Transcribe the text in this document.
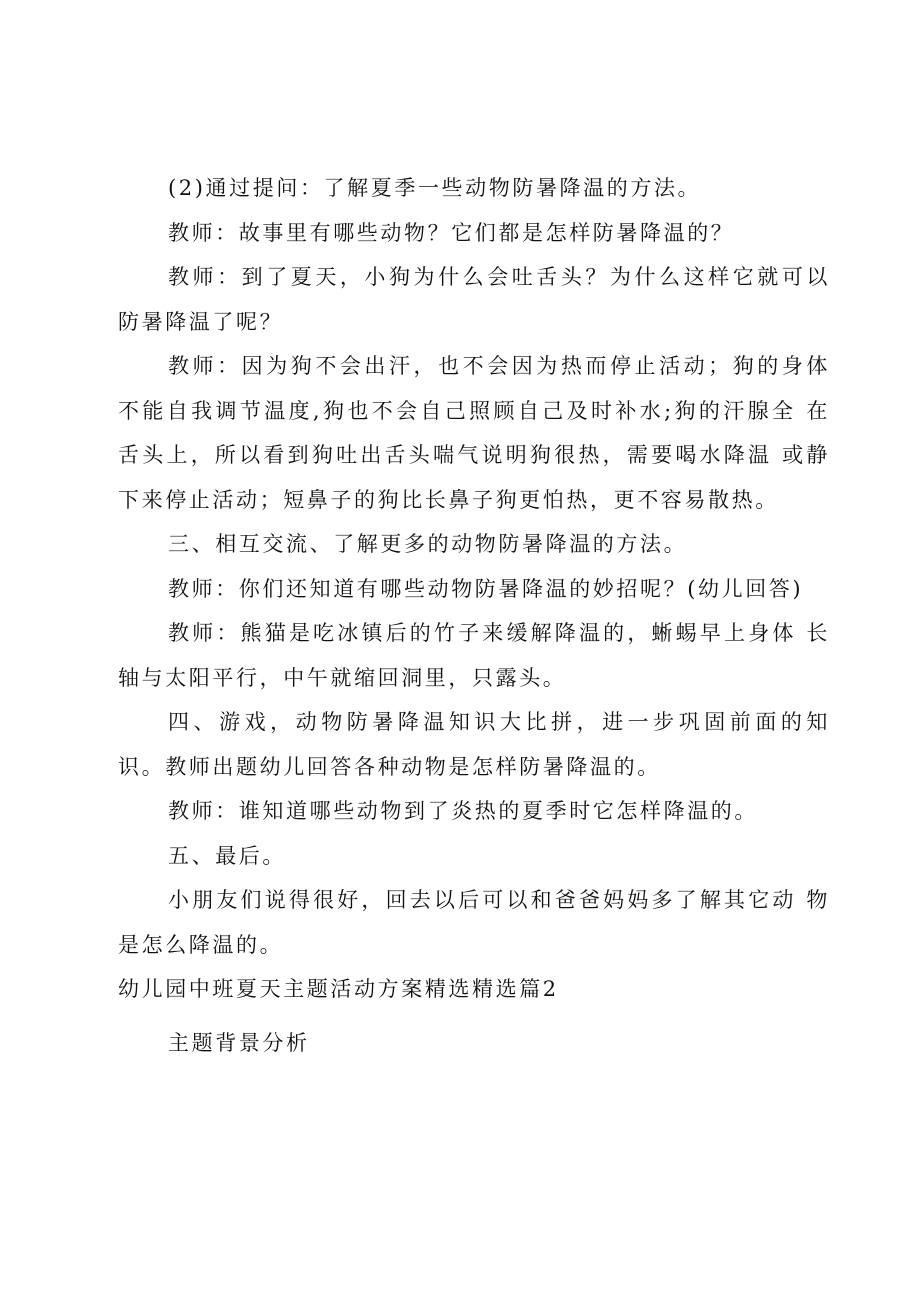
(2)通过提问：了解夏季一些动物防暑降温的方法。

教师：故事里有哪些动物？它们都是怎样防暑降温的？

教师：到了夏天，小狗为什么会吐舌头？为什么这样它就可以 防暑降温了呢？

教师：因为狗不会出汗，也不会因为热而停止活动；狗的身体 不能自我调节温度,狗也不会自己照顾自己及时补水;狗的汗腺全 在舌头上，所以看到狗吐出舌头喘气说明狗很热，需要喝水降温 或静下来停止活动；短鼻子的狗比长鼻子狗更怕热，更不容易散热。

三、相互交流、了解更多的动物防暑降温的方法。

教师：你们还知道有哪些动物防暑降温的妙招呢？(幼儿回答)

教师：熊猫是吃冰镇后的竹子来缓解降温的，蜥蜴早上身体 长轴与太阳平行，中午就缩回洞里，只露头。

四、游戏，动物防暑降温知识大比拼，进一步巩固前面的知 识。教师出题幼儿回答各种动物是怎样防暑降温的。

教师：谁知道哪些动物到了炎热的夏季时它怎样降温的。

五、最后。

小朋友们说得很好，回去以后可以和爸爸妈妈多了解其它动 物是怎么降温的。

幼儿园中班夏天主题活动方案精选精选篇2

主题背景分析
